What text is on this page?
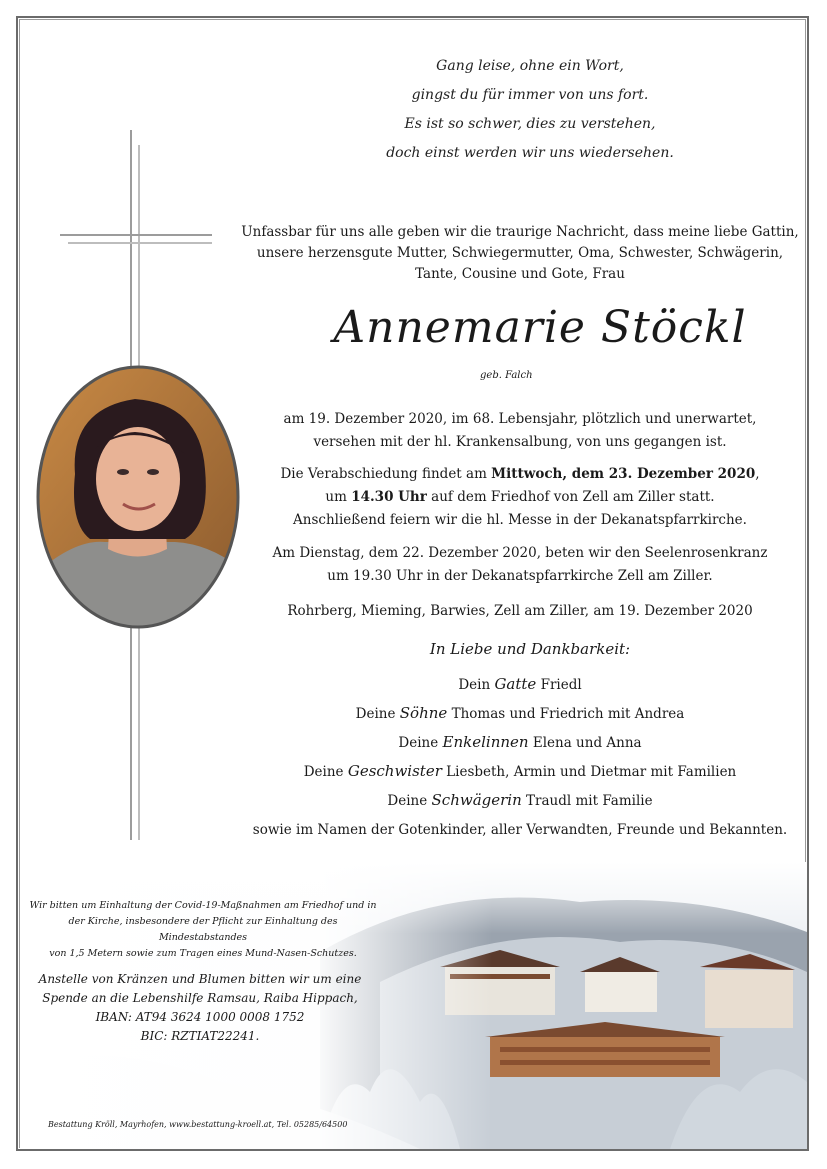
Gang leise, ohne ein Wort,
gingst du für immer von uns fort.
Es ist so schwer, dies zu verstehen,
doch einst werden wir uns wiedersehen.
Unfassbar für uns alle geben wir die traurige Nachricht, dass meine liebe Gattin,
unsere herzensgute Mutter, Schwiegermutter, Oma, Schwester, Schwägerin,
Tante, Cousine und Gote, Frau
Annemarie Stöckl
geb. Falch
am 19. Dezember 2020, im 68. Lebensjahr, plötzlich und unerwartet,
versehen mit der hl. Krankensalbung, von uns gegangen ist.
Die Verabschiedung findet am Mittwoch, dem 23. Dezember 2020,
um 14.30 Uhr auf dem Friedhof von Zell am Ziller statt.
Anschließend feiern wir die hl. Messe in der Dekanatspfarrkirche.
Am Dienstag, dem 22. Dezember 2020, beten wir den Seelenrosenkranz
um 19.30 Uhr in der Dekanatspfarrkirche Zell am Ziller.
Rohrberg, Mieming, Barwies, Zell am Ziller, am 19. Dezember 2020
In Liebe und Dankbarkeit:
Dein Gatte Friedl
Deine Söhne Thomas und Friedrich mit Andrea
Deine Enkelinnen Elena und Anna
Deine Geschwister Liesbeth, Armin und Dietmar mit Familien
Deine Schwägerin Traudl mit Familie
sowie im Namen der Gotenkinder, aller Verwandten, Freunde und Bekannten.
Wir bitten um Einhaltung der Covid-19-Maßnahmen am Friedhof und in
der Kirche, insbesondere der Pflicht zur Einhaltung des Mindestabstandes
von 1,5 Metern sowie zum Tragen eines Mund-Nasen-Schutzes.
Anstelle von Kränzen und Blumen bitten wir um eine
Spende an die Lebenshilfe Ramsau, Raiba Hippach,
IBAN: AT94 3624 1000 0008 1752
BIC: RZTIAT22241.
Bestattung Kröll, Mayrhofen, www.bestattung-kroell.at, Tel. 05285/64500
